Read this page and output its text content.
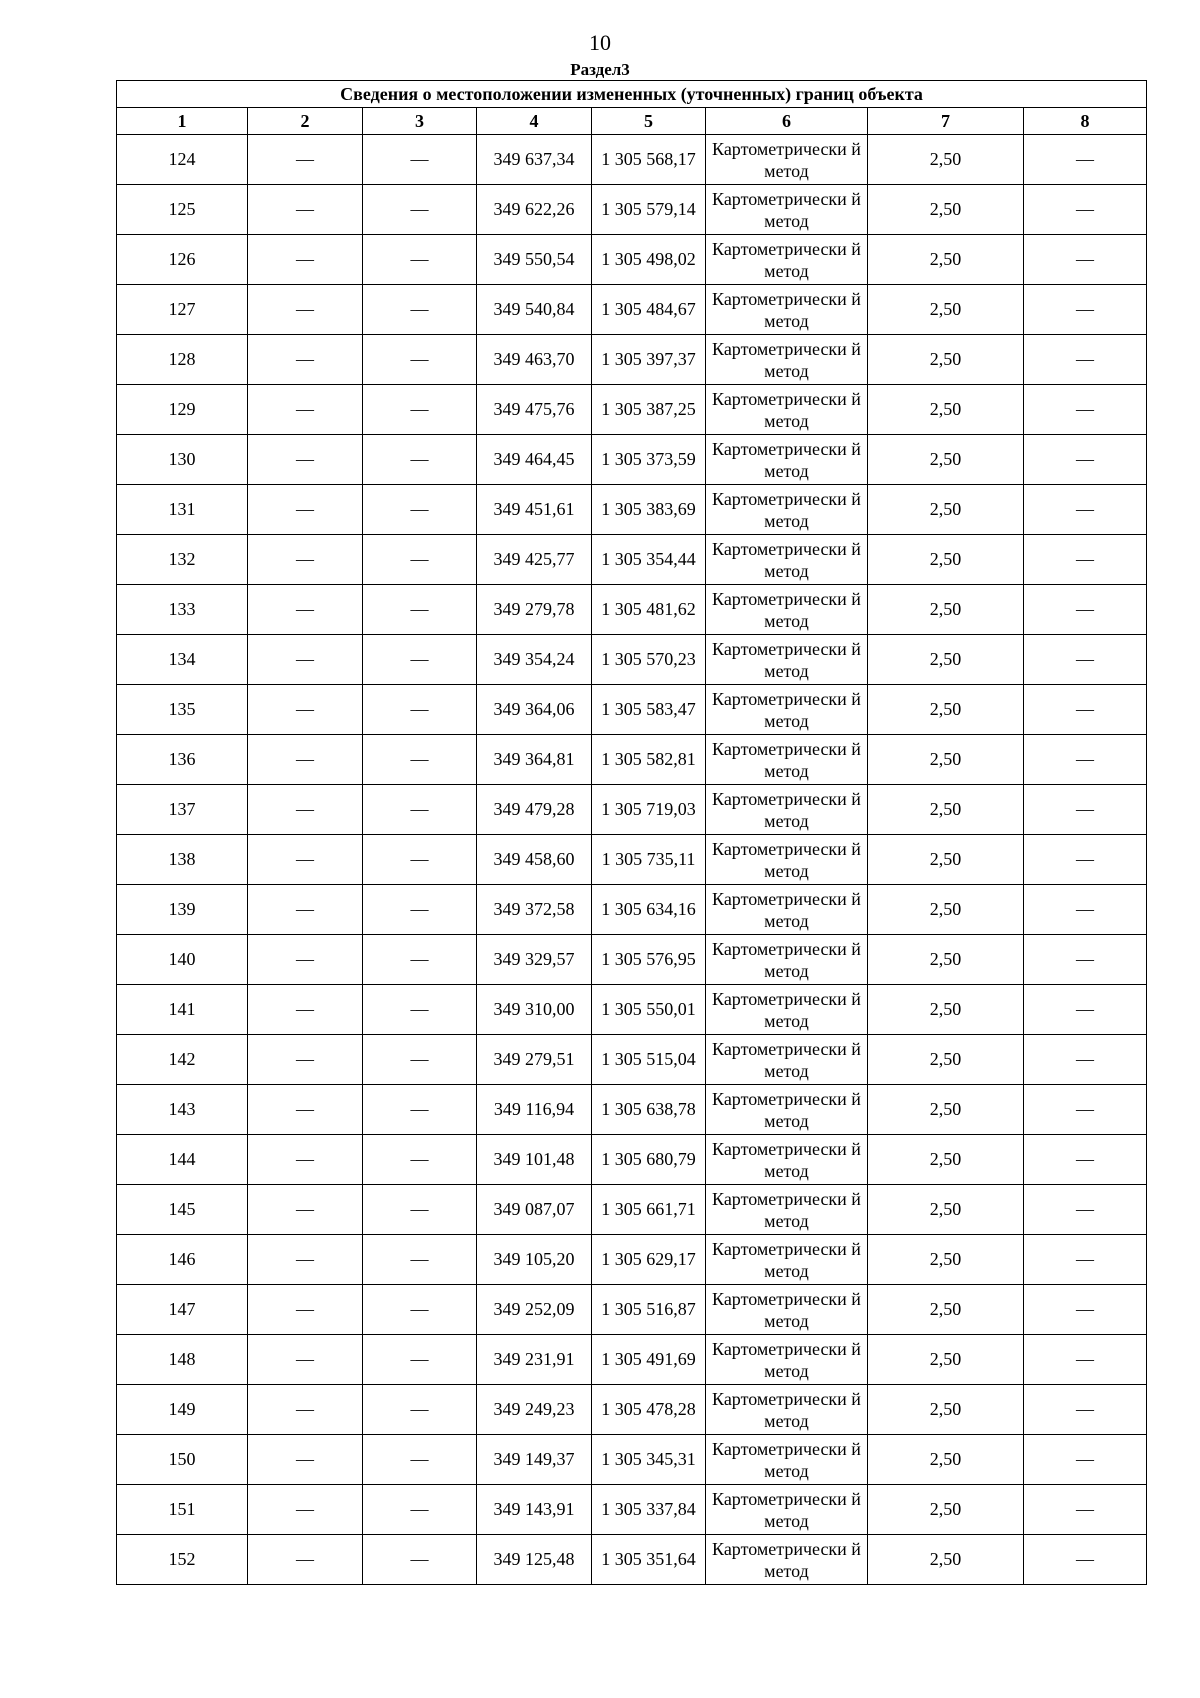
10
Раздел3
Сведения о местоположении измененных (уточненных) границ объекта							
1	2	3	4	5	6	7	8
124	—	—	349 637,34	1 305 568,17	Картометрически й метод	2,50	—
125	—	—	349 622,26	1 305 579,14	Картометрически й метод	2,50	—
126	—	—	349 550,54	1 305 498,02	Картометрически й метод	2,50	—
127	—	—	349 540,84	1 305 484,67	Картометрически й метод	2,50	—
128	—	—	349 463,70	1 305 397,37	Картометрически й метод	2,50	—
129	—	—	349 475,76	1 305 387,25	Картометрически й метод	2,50	—
130	—	—	349 464,45	1 305 373,59	Картометрически й метод	2,50	—
131	—	—	349 451,61	1 305 383,69	Картометрически й метод	2,50	—
132	—	—	349 425,77	1 305 354,44	Картометрически й метод	2,50	—
133	—	—	349 279,78	1 305 481,62	Картометрически й метод	2,50	—
134	—	—	349 354,24	1 305 570,23	Картометрически й метод	2,50	—
135	—	—	349 364,06	1 305 583,47	Картометрически й метод	2,50	—
136	—	—	349 364,81	1 305 582,81	Картометрически й метод	2,50	—
137	—	—	349 479,28	1 305 719,03	Картометрически й метод	2,50	—
138	—	—	349 458,60	1 305 735,11	Картометрически й метод	2,50	—
139	—	—	349 372,58	1 305 634,16	Картометрически й метод	2,50	—
140	—	—	349 329,57	1 305 576,95	Картометрически й метод	2,50	—
141	—	—	349 310,00	1 305 550,01	Картометрически й метод	2,50	—
142	—	—	349 279,51	1 305 515,04	Картометрически й метод	2,50	—
143	—	—	349 116,94	1 305 638,78	Картометрически й метод	2,50	—
144	—	—	349 101,48	1 305 680,79	Картометрически й метод	2,50	—
145	—	—	349 087,07	1 305 661,71	Картометрически й метод	2,50	—
146	—	—	349 105,20	1 305 629,17	Картометрически й метод	2,50	—
147	—	—	349 252,09	1 305 516,87	Картометрически й метод	2,50	—
148	—	—	349 231,91	1 305 491,69	Картометрически й метод	2,50	—
149	—	—	349 249,23	1 305 478,28	Картометрически й метод	2,50	—
150	—	—	349 149,37	1 305 345,31	Картометрически й метод	2,50	—
151	—	—	349 143,91	1 305 337,84	Картометрически й метод	2,50	—
152	—	—	349 125,48	1 305 351,64	Картометрически й метод	2,50	—
